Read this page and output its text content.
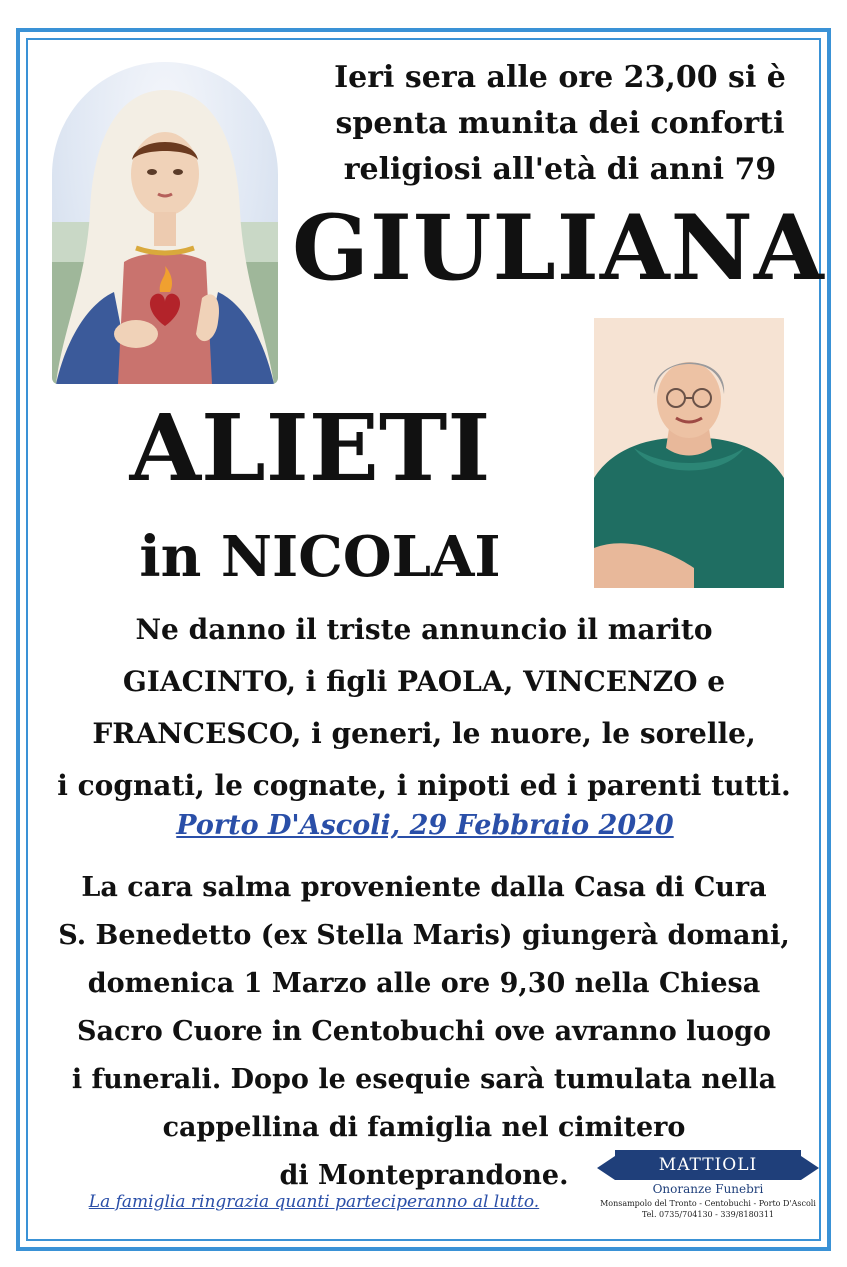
Ieri sera alle ore 23,00 si è
spenta munita dei conforti
religiosi all'età di anni 79
GIULIANA
ALIETI
in NICOLAI
Ne danno il triste annuncio il marito
GIACINTO, i figli PAOLA, VINCENZO e
FRANCESCO, i generi, le nuore, le sorelle,
i cognati, le cognate, i nipoti ed i parenti tutti.
Porto D'Ascoli, 29 Febbraio 2020
La cara salma proveniente dalla Casa di Cura
S. Benedetto (ex Stella Maris) giungerà domani,
domenica 1 Marzo alle ore 9,30 nella Chiesa
Sacro Cuore in Centobuchi ove avranno luogo
i funerali. Dopo le esequie sarà tumulata nella
cappellina di famiglia nel cimitero
di Monteprandone.
La famiglia ringrazia quanti parteciperanno al lutto.
MATTIOLI
Onoranze Funebri
Monsampolo del Tronto - Centobuchi - Porto D'Ascoli
Tel. 0735/704130 - 339/8180311
